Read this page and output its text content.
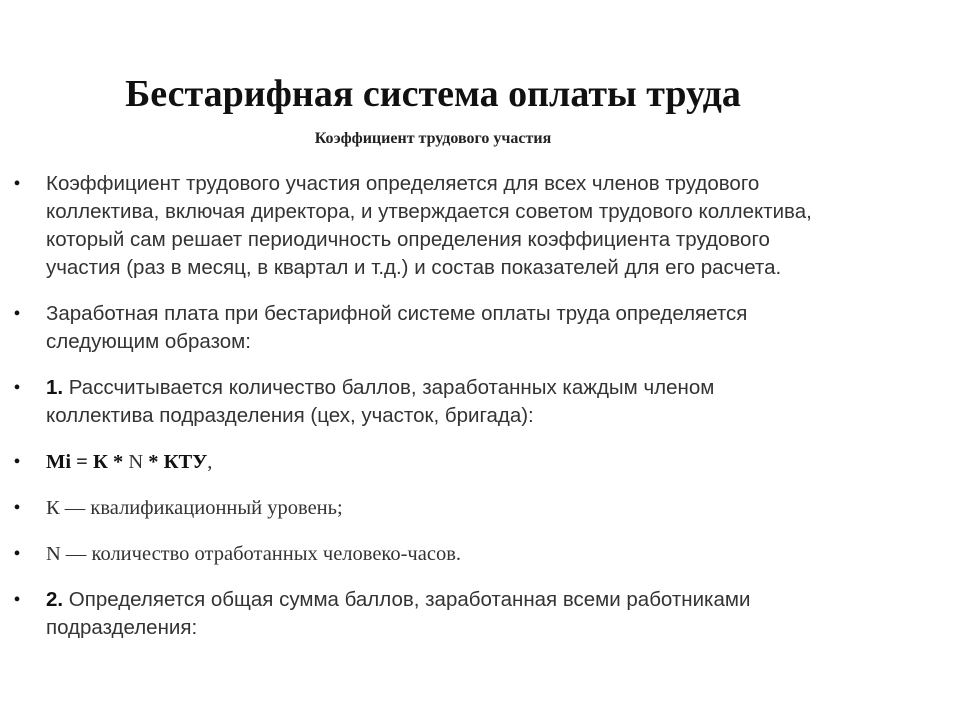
Бестарифная система оплаты труда
Коэффициент трудового участия
• Коэффициент трудового участия определяется для всех членов трудового коллектива, включая директора, и утверждается советом трудового коллектива, который сам решает периодичность определения коэффициента трудового участия (раз в месяц, в квартал и т.д.) и состав показателей для его расчета.
• Заработная плата при бестарифной системе оплаты труда определяется следующим образом:
• 1. Рассчитывается количество баллов, заработанных каждым членом коллектива подразделения (цех, участок, бригада):
• Mi = К * N * КТУ,
• К — квалификационный уровень;
• N — количество отработанных человеко-часов.
• 2. Определяется общая сумма баллов, заработанная всеми работниками подразделения:
